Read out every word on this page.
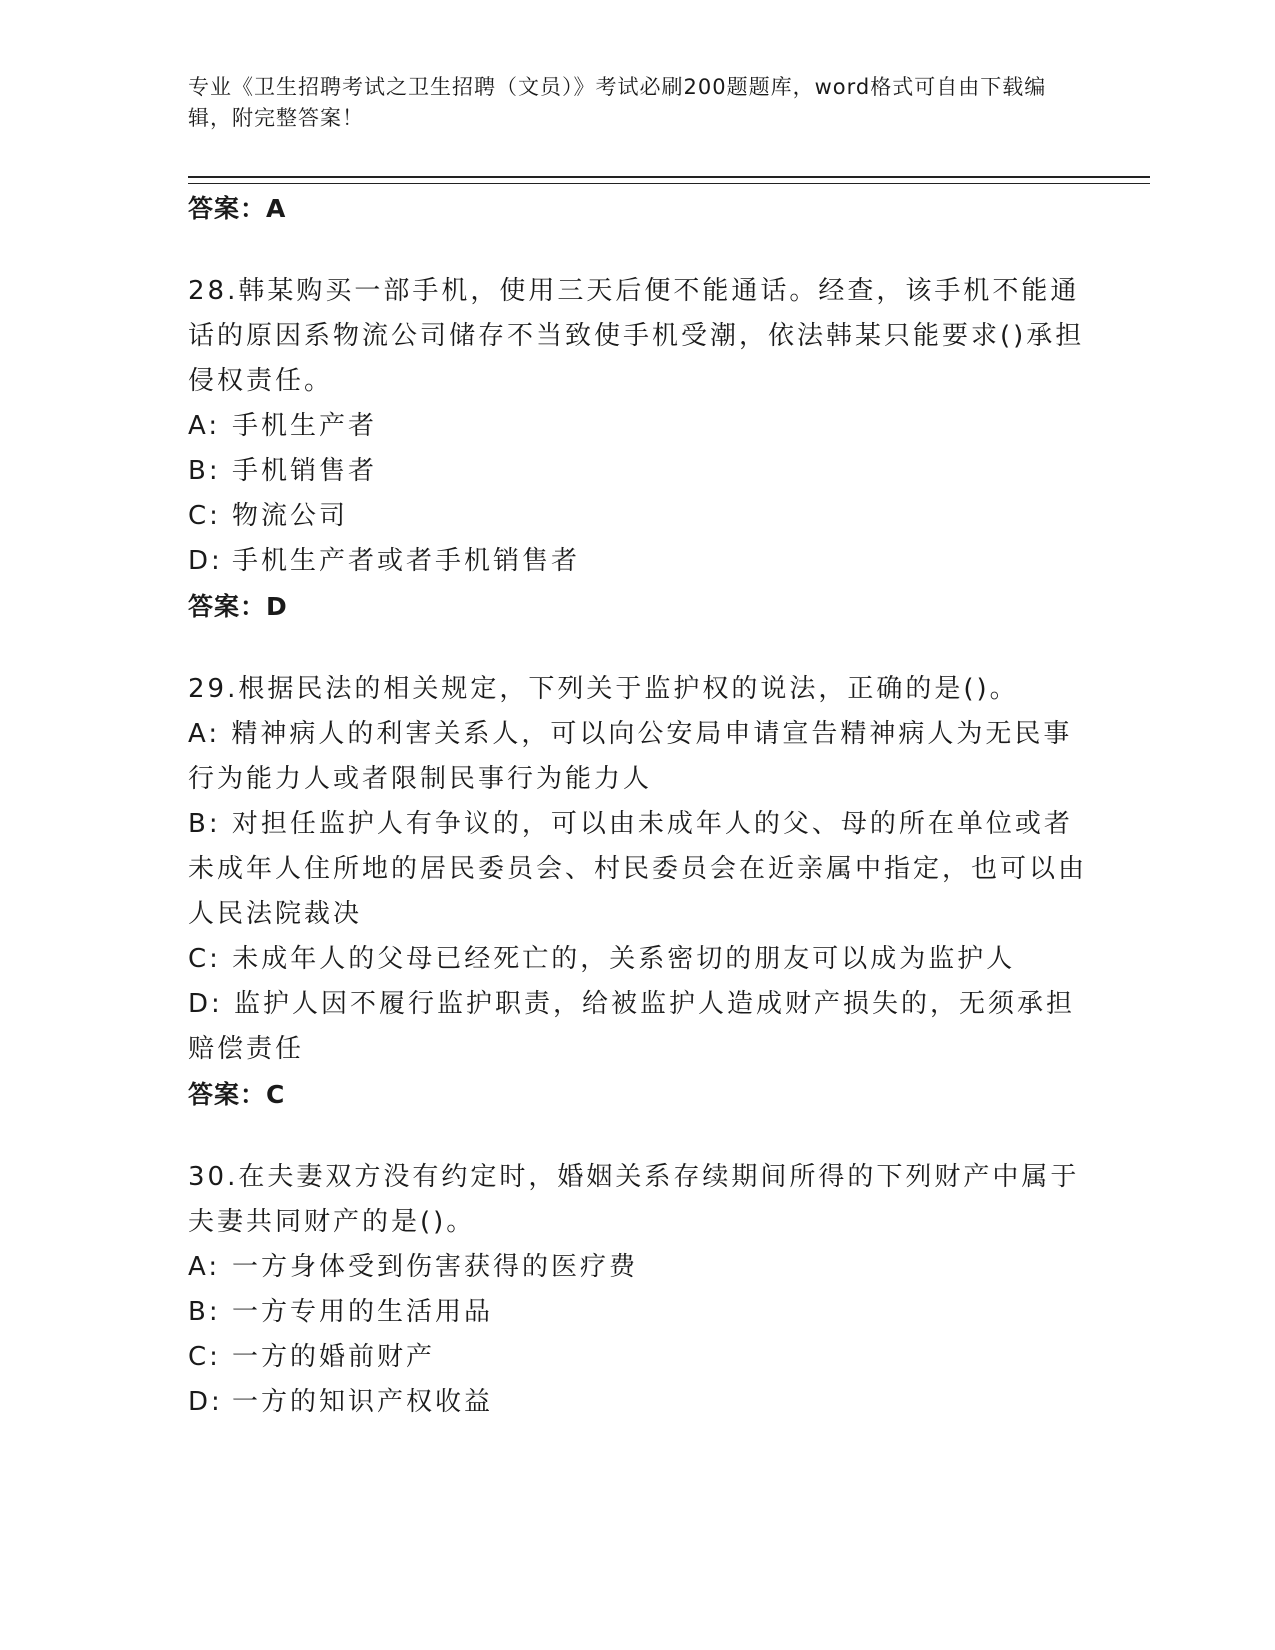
专业《卫生招聘考试之卫生招聘（文员）》考试必刷200题题库，word格式可自由下载编辑，附完整答案！
答案：A
28.韩某购买一部手机，使用三天后便不能通话。经查，该手机不能通话的原因系物流公司储存不当致使手机受潮，依法韩某只能要求()承担侵权责任。
A: 手机生产者
B: 手机销售者
C: 物流公司
D: 手机生产者或者手机销售者
答案：D
29.根据民法的相关规定，下列关于监护权的说法，正确的是()。
A: 精神病人的利害关系人，可以向公安局申请宣告精神病人为无民事行为能力人或者限制民事行为能力人
B: 对担任监护人有争议的，可以由未成年人的父、母的所在单位或者未成年人住所地的居民委员会、村民委员会在近亲属中指定，也可以由人民法院裁决
C: 未成年人的父母已经死亡的，关系密切的朋友可以成为监护人
D: 监护人因不履行监护职责，给被监护人造成财产损失的，无须承担赔偿责任
答案：C
30.在夫妻双方没有约定时，婚姻关系存续期间所得的下列财产中属于夫妻共同财产的是()。
A: 一方身体受到伤害获得的医疗费
B: 一方专用的生活用品
C: 一方的婚前财产
D: 一方的知识产权收益
